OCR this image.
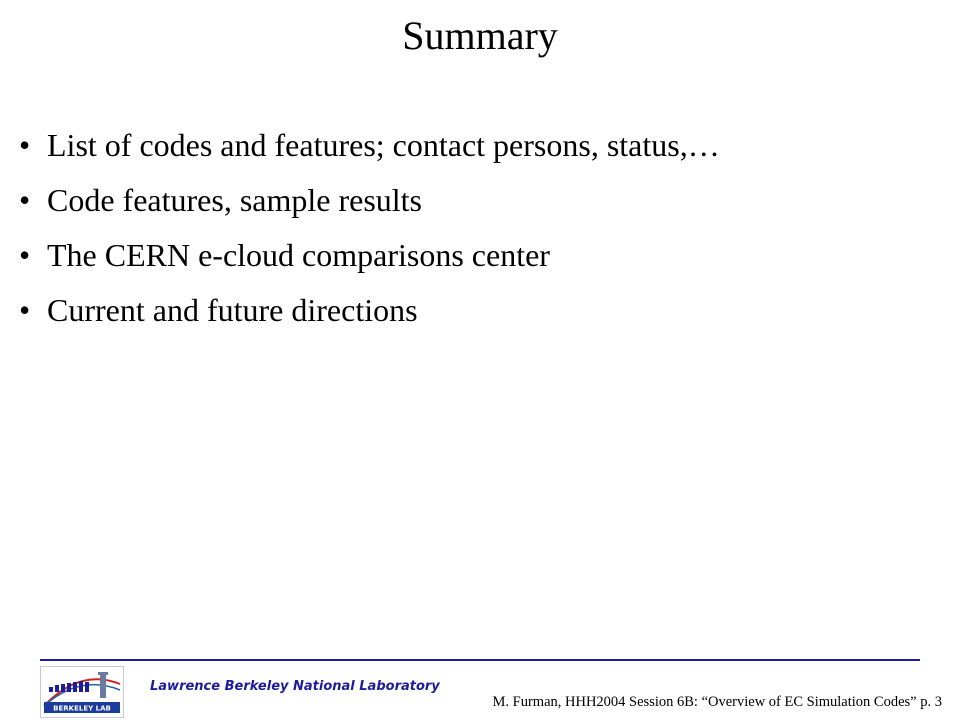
Summary
• List of codes and features; contact persons, status,…
• Code features, sample results
• The CERN e-cloud comparisons center
• Current and future directions
BERKELEY LAB
Lawrence Berkeley National Laboratory
M. Furman, HHH2004 Session 6B: “Overview of EC Simulation Codes” p. 3
